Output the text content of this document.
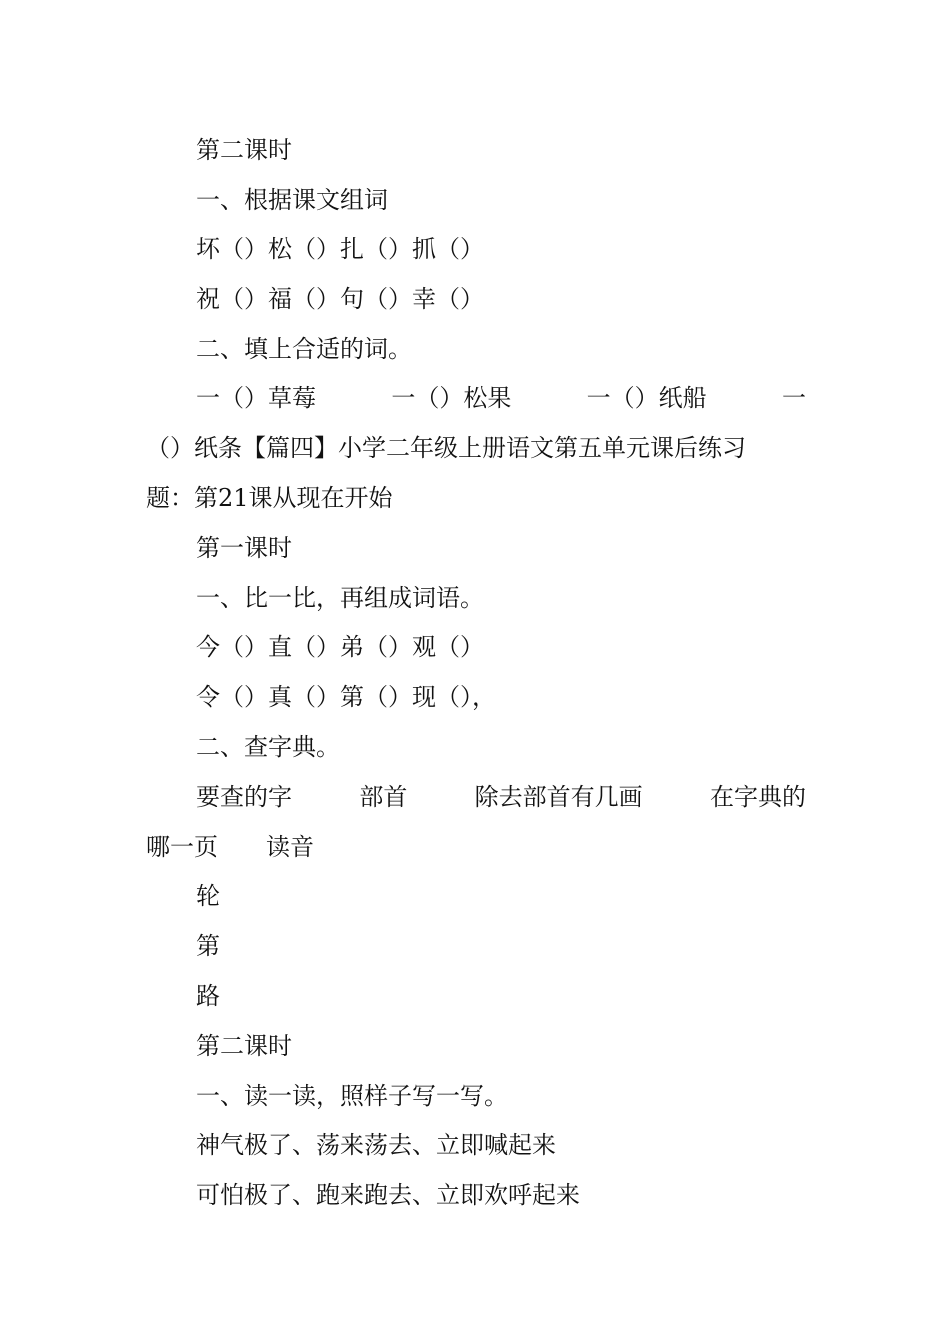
第二课时
一、根据课文组词
坏（）松（）扎（）抓（）
祝（）福（）句（）幸（）
二、填上合适的词。
一（）草莓	一（）松果	一（）纸船	一
（）纸条【篇四】小学二年级上册语文第五单元课后练习
题：第21课从现在开始
第一课时
一、比一比，再组成词语。
今（）直（）弟（）观（）
令（）真（）第（）现（），
二、查字典。
要查的字	部首	除去部首有几画	在字典的
哪一页　　读音
轮
第
路
第二课时
一、读一读，照样子写一写。
神气极了、荡来荡去、立即喊起来
可怕极了、跑来跑去、立即欢呼起来
